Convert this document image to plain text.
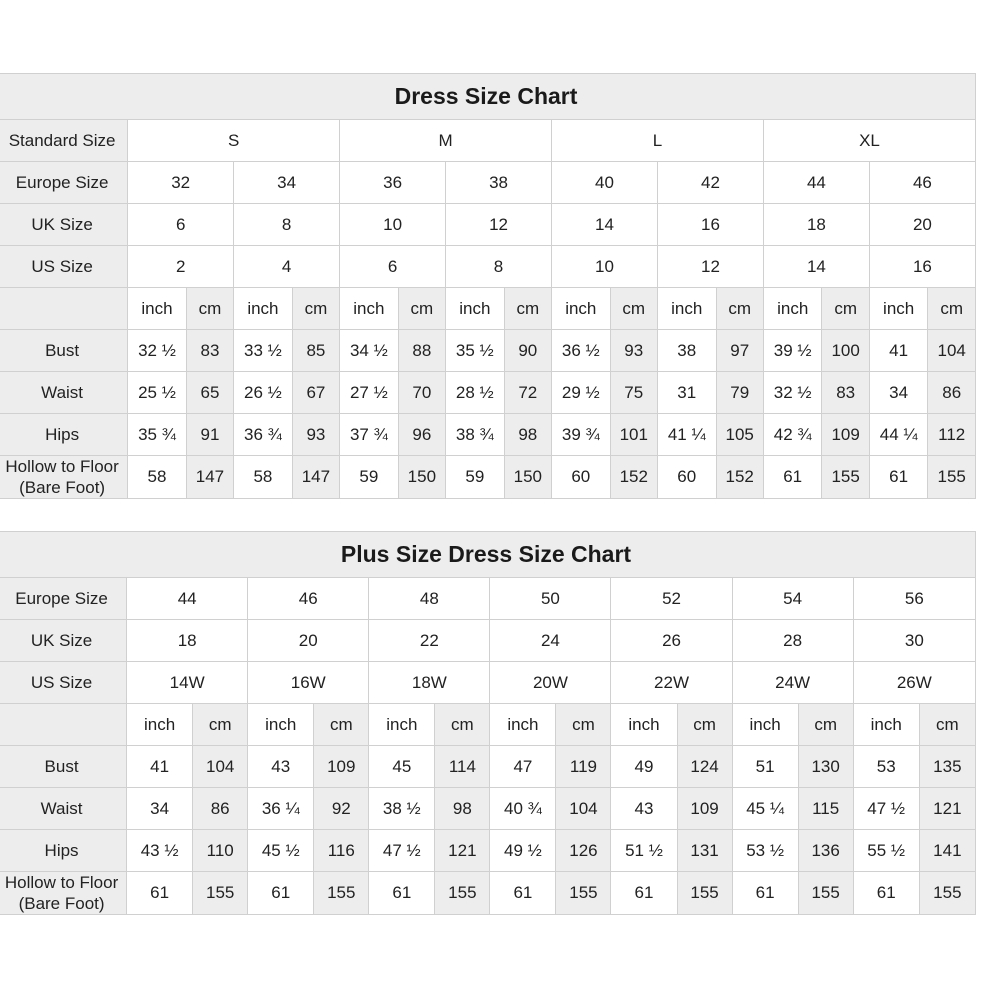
Dress Size Chart																
Standard Size	S				M				L				XL			
Europe Size	32		34		36		38		40		42		44		46	
UK Size	6		8		10		12		14		16		18		20	
US Size	2		4		6		8		10		12		14		16	
	inch	cm	inch	cm	inch	cm	inch	cm	inch	cm	inch	cm	inch	cm	inch	cm
Bust	32 ½	83	33 ½	85	34 ½	88	35 ½	90	36 ½	93	38	97	39 ½	100	41	104
Waist	25 ½	65	26 ½	67	27 ½	70	28 ½	72	29 ½	75	31	79	32 ½	83	34	86
Hips	35 ¾	91	36 ¾	93	37 ¾	96	38 ¾	98	39 ¾	101	41 ¼	105	42 ¾	109	44 ¼	112
Hollow to Floor (Bare Foot)	58	147	58	147	59	150	59	150	60	152	60	152	61	155	61	155
Plus Size Dress Size Chart														
Europe Size	44		46		48		50		52		54		56	
UK Size	18		20		22		24		26		28		30	
US Size	14W		16W		18W		20W		22W		24W		26W	
	inch	cm	inch	cm	inch	cm	inch	cm	inch	cm	inch	cm	inch	cm
Bust	41	104	43	109	45	114	47	119	49	124	51	130	53	135
Waist	34	86	36 ¼	92	38 ½	98	40 ¾	104	43	109	45 ¼	115	47 ½	121
Hips	43 ½	110	45 ½	116	47 ½	121	49 ½	126	51 ½	131	53 ½	136	55 ½	141
Hollow to Floor (Bare Foot)	61	155	61	155	61	155	61	155	61	155	61	155	61	155
